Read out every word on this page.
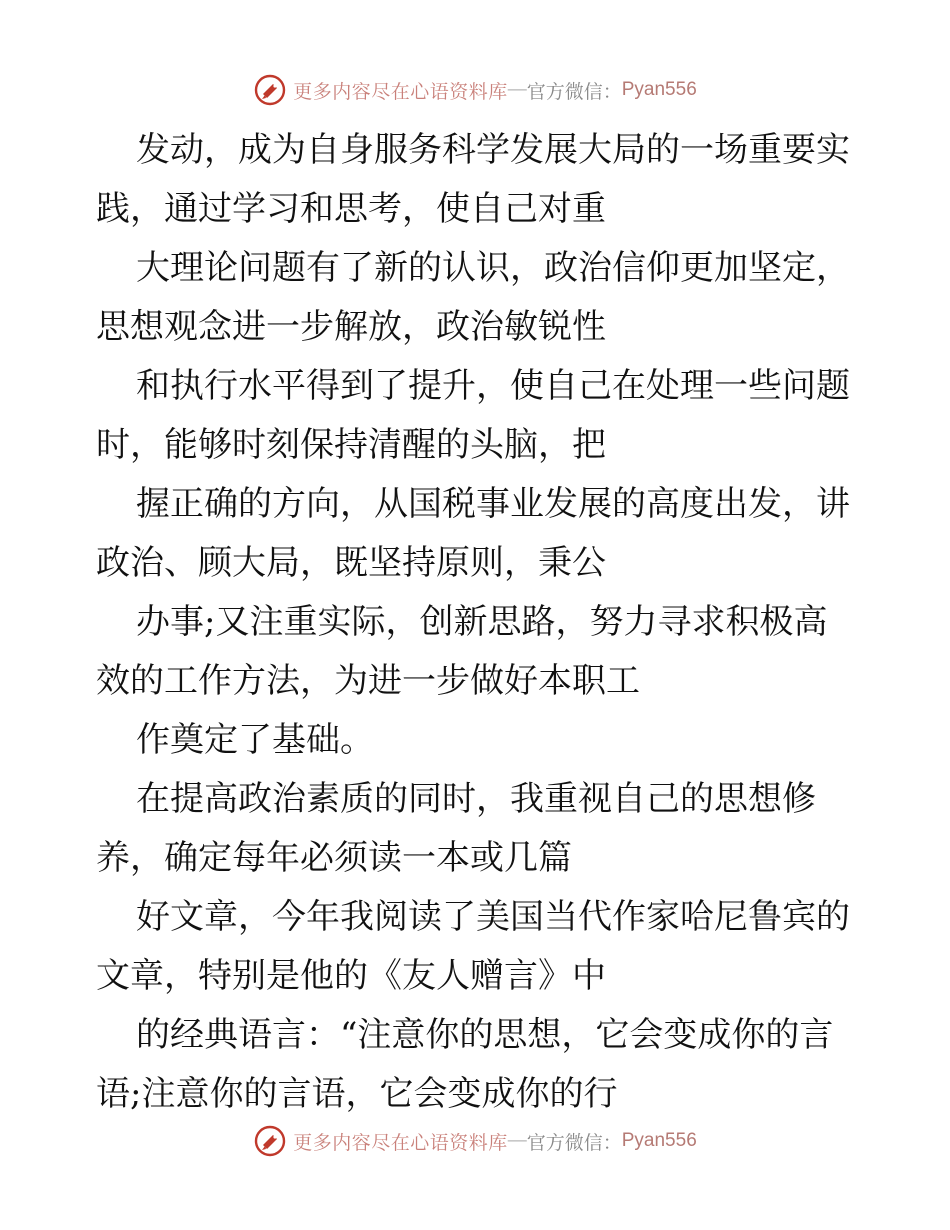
更多内容尽在心语资料库 — 官方微信： Pyan556
发动，成为自身服务科学发展大局的一场重要实
践，通过学习和思考，使自己对重
大理论问题有了新的认识，政治信仰更加坚定，
思想观念进一步解放，政治敏锐性
和执行水平得到了提升，使自己在处理一些问题
时，能够时刻保持清醒的头脑，把
握正确的方向，从国税事业发展的高度出发，讲
政治、顾大局，既坚持原则，秉公
办事;又注重实际，创新思路，努力寻求积极高
效的工作方法，为进一步做好本职工
作奠定了基础。
在提高政治素质的同时，我重视自己的思想修
养，确定每年必须读一本或几篇
好文章，今年我阅读了美国当代作家哈尼鲁宾的
文章，特别是他的《友人赠言》中
的经典语言：“注意你的思想，它会变成你的言
语;注意你的言语，它会变成你的行
更多内容尽在心语资料库 — 官方微信： Pyan556
